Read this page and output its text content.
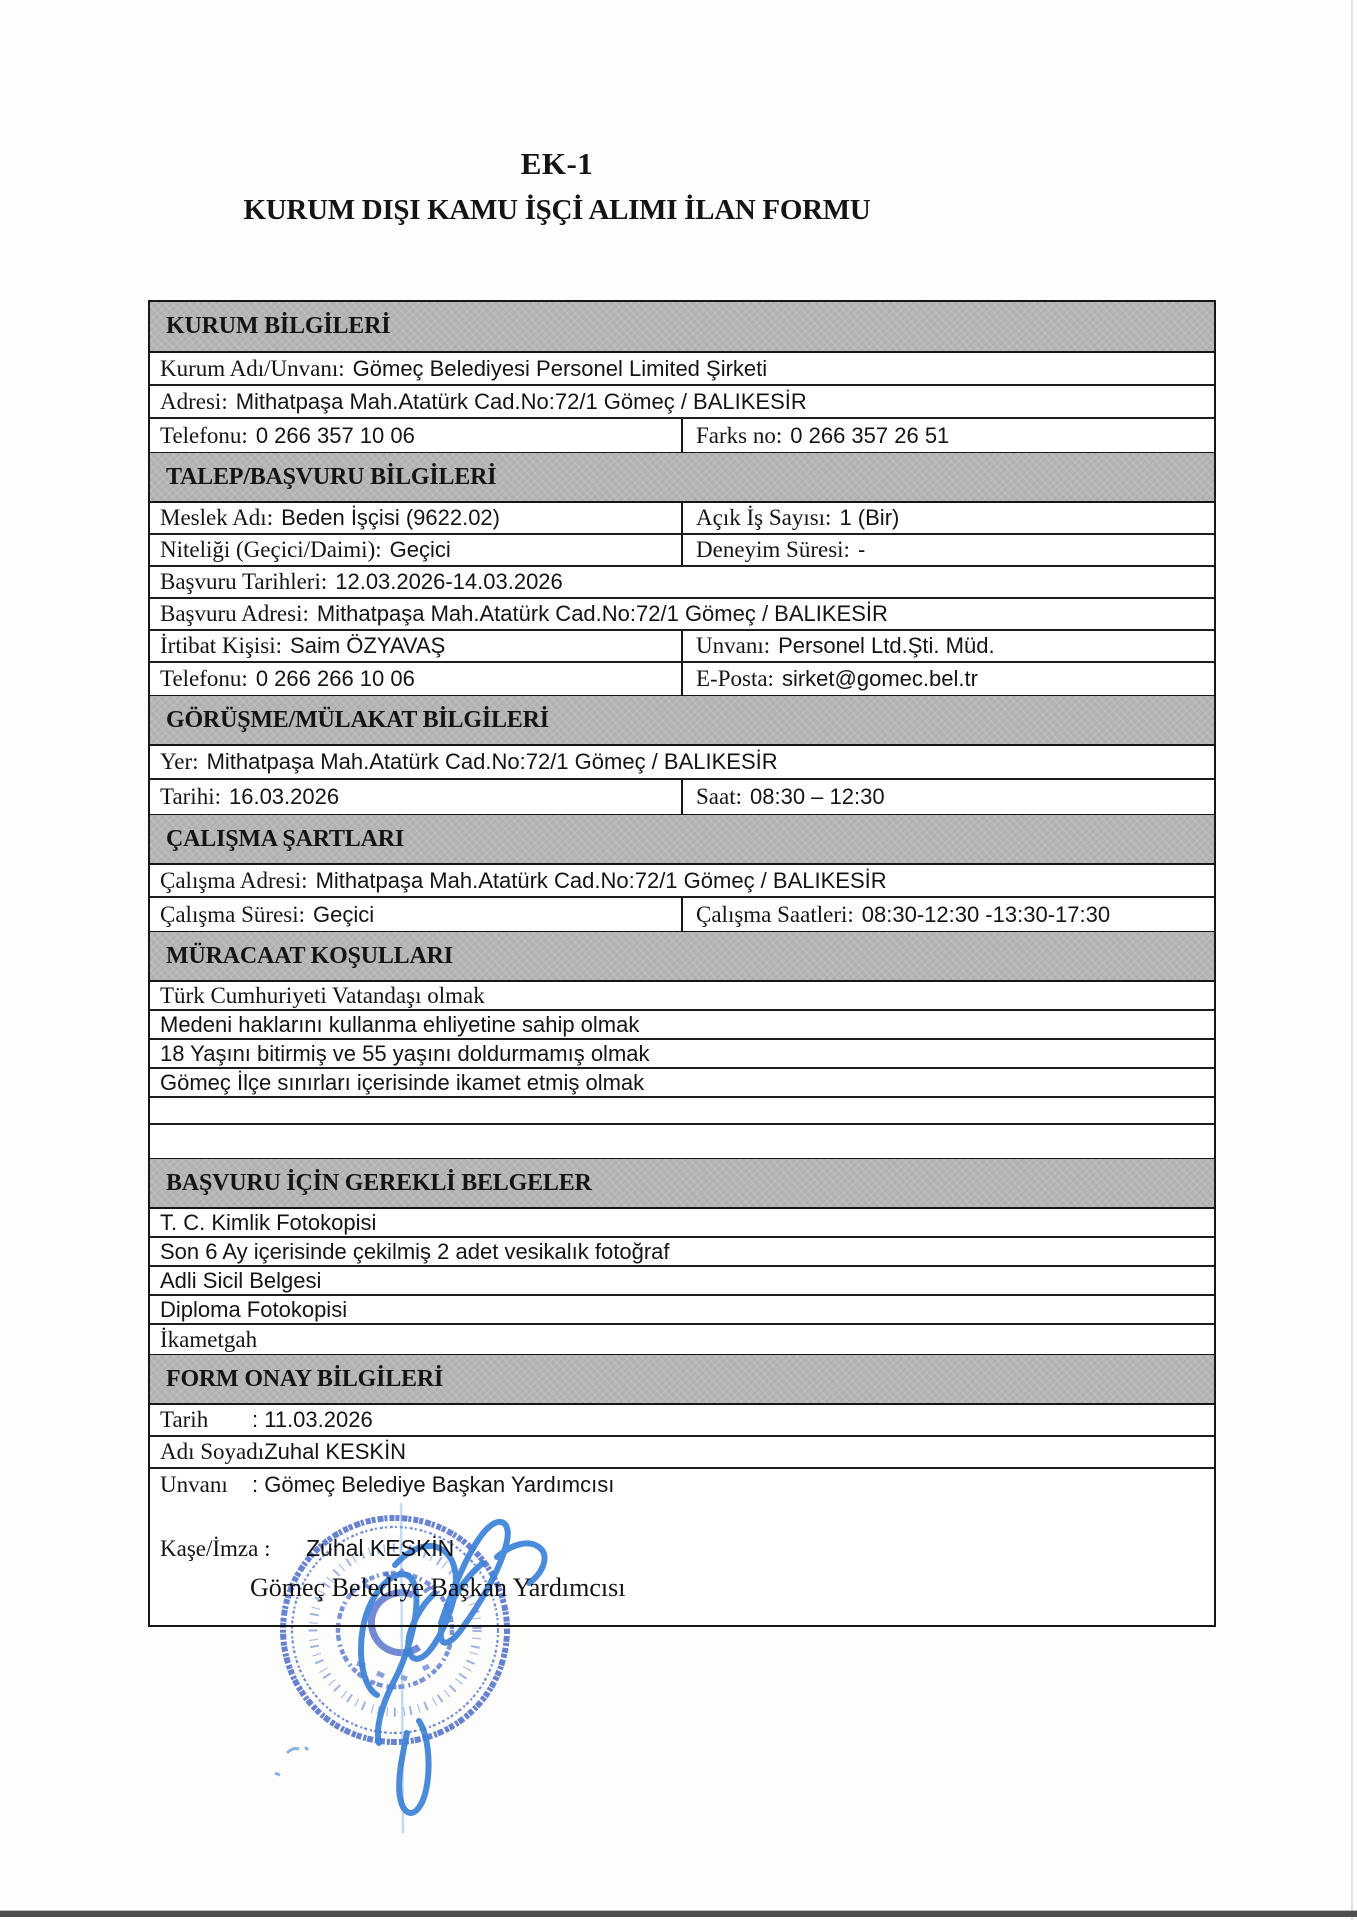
EK-1
KURUM DIŞI KAMU İŞÇİ ALIMI İLAN FORMU
KURUM BİLGİLERİ
Kurum Adı/Unvanı: Gömeç Belediyesi Personel Limited Şirketi
Adresi: Mithatpaşa Mah.Atatürk Cad.No:72/1 Gömeç / BALIKESİR
Telefonu: 0 266 357 10 06	Farks no: 0 266 357 26 51
TALEP/BAŞVURU BİLGİLERİ
Meslek Adı: Beden İşçisi (9622.02)	Açık İş Sayısı: 1 (Bir)
Niteliği (Geçici/Daimi): Geçici	Deneyim Süresi: -
Başvuru Tarihleri: 12.03.2026-14.03.2026
Başvuru Adresi: Mithatpaşa Mah.Atatürk Cad.No:72/1 Gömeç / BALIKESİR
İrtibat Kişisi: Saim ÖZYAVAŞ	Unvanı: Personel Ltd.Şti. Müd.
Telefonu: 0 266 266 10 06	E-Posta: sirket@gomec.bel.tr
GÖRÜŞME/MÜLAKAT BİLGİLERİ
Yer: Mithatpaşa Mah.Atatürk Cad.No:72/1 Gömeç / BALIKESİR
Tarihi: 16.03.2026	Saat: 08:30 – 12:30
ÇALIŞMA ŞARTLARI
Çalışma Adresi: Mithatpaşa Mah.Atatürk Cad.No:72/1 Gömeç / BALIKESİR
Çalışma Süresi: Geçici	Çalışma Saatleri: 08:30-12:30 -13:30-17:30
MÜRACAAT KOŞULLARI
Türk Cumhuriyeti Vatandaşı olmak
Medeni haklarını kullanma ehliyetine sahip olmak
18 Yaşını bitirmiş ve 55 yaşını doldurmamış olmak
Gömeç İlçe sınırları içerisinde ikamet etmiş olmak
BAŞVURU İÇİN GEREKLİ BELGELER
T. C. Kimlik Fotokopisi
Son 6 Ay içerisinde çekilmiş 2 adet vesikalık fotoğraf
Adli Sicil Belgesi
Diploma Fotokopisi
İkametgah
FORM ONAY BİLGİLERİ
Tarih	: 11.03.2026
Adı Soyadı
: Zuhal KESKİN
Unvanı	: Gömeç Belediye Başkan Yardımcısı
Kaşe/İmza : Zuhal KESKİN
Gömeç Belediye Başkan Yardımcısı
